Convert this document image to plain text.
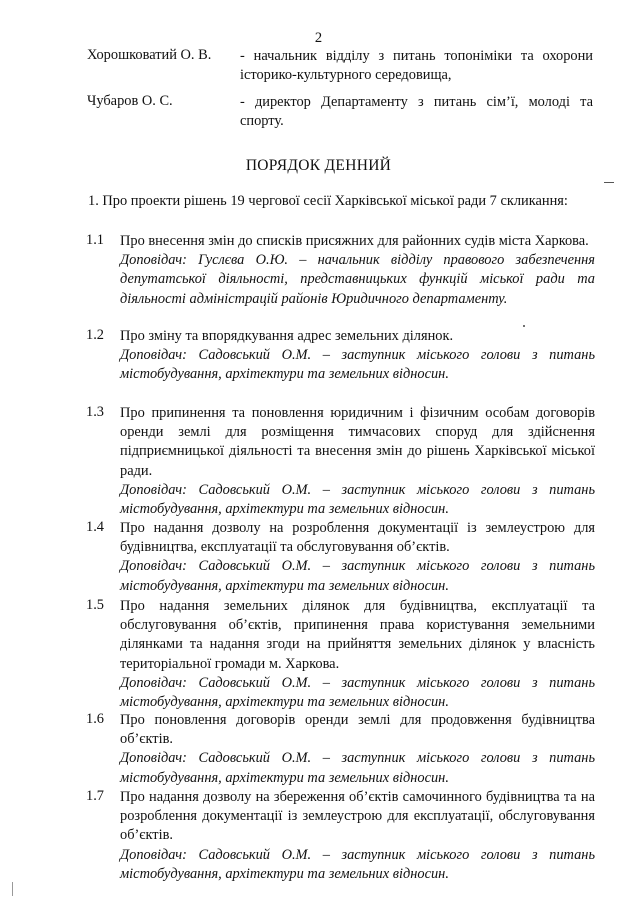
2
Хорошковатий О. В.	- начальник відділу з питань топоніміки та охорони історико-культурного середовища,
Чубаров О. С.	- директор Департаменту з питань сім’ї, молоді та спорту.
ПОРЯДОК ДЕННИЙ
1. Про проекти рішень 19 чергової сесії Харківської міської ради 7 скликання:
1.1 Про внесення змін до списків присяжних для районних судів міста Харкова.
Доповідач: Гуслєва О.Ю. – начальник відділу правового забезпечення депутатської діяльності, представницьких функцій міської ради та діяльності адміністрацій районів Юридичного департаменту.
1.2 Про зміну та впорядкування адрес земельних ділянок.
Доповідач: Садовський О.М. – заступник міського голови з питань містобудування, архітектури та земельних відносин.
1.3 Про припинення та поновлення юридичним і фізичним особам договорів оренди землі для розміщення тимчасових споруд для здійснення підприємницької діяльності та внесення змін до рішень Харківської міської ради.
Доповідач: Садовський О.М. – заступник міського голови з питань містобудування, архітектури та земельних відносин.
1.4 Про надання дозволу на розроблення документації із землеустрою для будівництва, експлуатації та обслуговування об’єктів.
Доповідач: Садовський О.М. – заступник міського голови з питань містобудування, архітектури та земельних відносин.
1.5 Про надання земельних ділянок для будівництва, експлуатації та обслуговування об’єктів, припинення права користування земельними ділянками та надання згоди на прийняття земельних ділянок у власність територіальної громади м. Харкова.
Доповідач: Садовський О.М. – заступник міського голови з питань містобудування, архітектури та земельних відносин.
1.6 Про поновлення договорів оренди землі для продовження будівництва об’єктів.
Доповідач: Садовський О.М. – заступник міського голови з питань містобудування, архітектури та земельних відносин.
1.7 Про надання дозволу на збереження об’єктів самочинного будівництва та на розроблення документації із землеустрою для експлуатації, обслуговування об’єктів.
Доповідач: Садовський О.М. – заступник міського голови з питань містобудування, архітектури та земельних відносин.
